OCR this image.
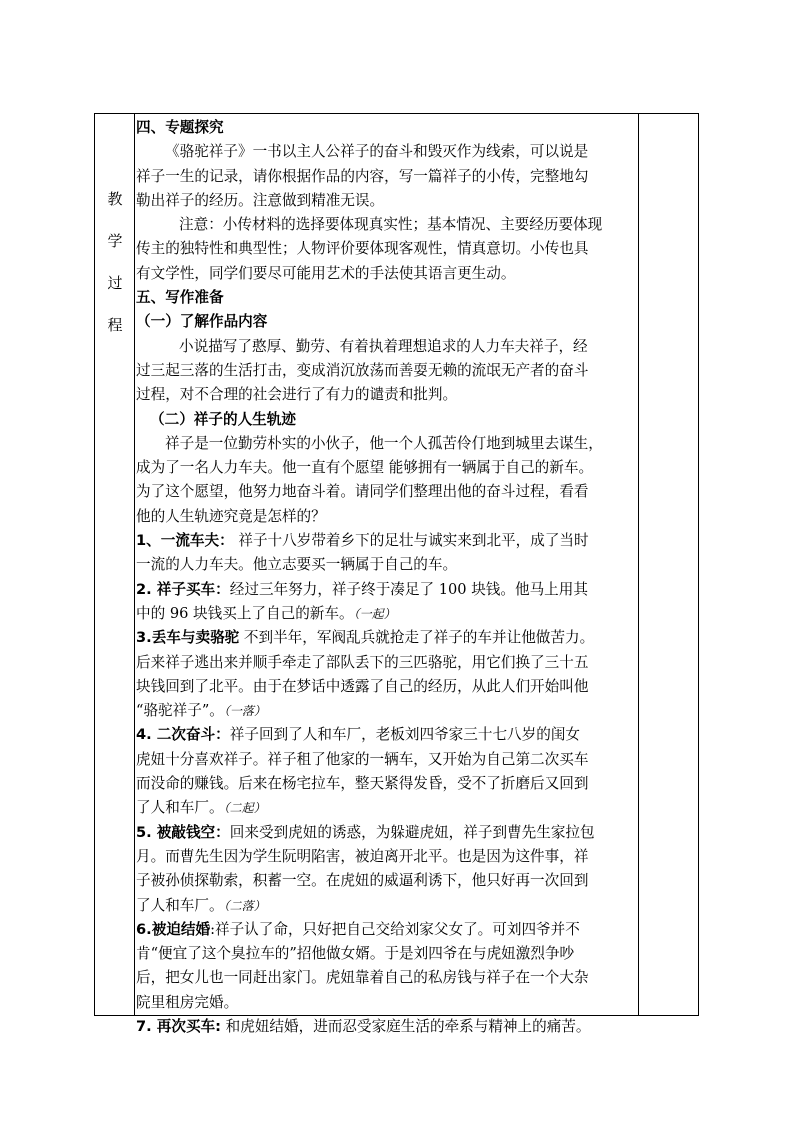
教
学
过
程

四、专题探究

《骆驼祥子》一书以主人公祥子的奋斗和毁灭作为线索，可以说是

祥子一生的记录，请你根据作品的内容，写一篇祥子的小传，完整地勾

勒出祥子的经历。注意做到精准无误。

注意：小传材料的选择要体现真实性；基本情况、主要经历要体现

传主的独特性和典型性；人物评价要体现客观性，情真意切。小传也具

有文学性，同学们要尽可能用艺术的手法使其语言更生动。

五、写作准备

（一）了解作品内容

小说描写了憨厚、勤劳、有着执着理想追求的人力车夫祥子，经

过三起三落的生活打击，变成消沉放荡而善耍无赖的流氓无产者的奋斗

过程，对不合理的社会进行了有力的谴责和批判。

（二）祥子的人生轨迹

祥子是一位勤劳朴实的小伙子，他一个人孤苦伶仃地到城里去谋生，

成为了一名人力车夫。他一直有个愿望 能够拥有一辆属于自己的新车。

为了这个愿望，他努力地奋斗着。请同学们整理出他的奋斗过程，看看

他的人生轨迹究竟是怎样的？

1、一流车夫： 祥子十八岁带着乡下的足壮与诚实来到北平，成了当时

一流的人力车夫。他立志要买一辆属于自己的车。

2. 祥子买车：经过三年努力，祥子终于凑足了 100 块钱。他马上用其

中的 96 块钱买上了自己的新车。（一起）

3.丢车与卖骆驼 不到半年，军阀乱兵就抢走了祥子的车并让他做苦力。

后来祥子逃出来并顺手牵走了部队丢下的三匹骆驼，用它们换了三十五

块钱回到了北平。由于在梦话中透露了自己的经历，从此人们开始叫他

“骆驼祥子”。（一落）

4. 二次奋斗：祥子回到了人和车厂，老板刘四爷家三十七八岁的闺女

虎妞十分喜欢祥子。祥子租了他家的一辆车，又开始为自己第二次买车

而没命的赚钱。后来在杨宅拉车，整天紧得发昏，受不了折磨后又回到

了人和车厂。（二起）

5. 被敲钱空：回来受到虎妞的诱惑，为躲避虎妞，祥子到曹先生家拉包

月。而曹先生因为学生阮明陷害，被迫离开北平。也是因为这件事，祥

子被孙侦探勒索，积蓄一空。在虎妞的威逼利诱下，他只好再一次回到

了人和车厂。（二落）

6.被迫结婚:祥子认了命，只好把自己交给刘家父女了。可刘四爷并不

肯“便宜了这个臭拉车的”招他做女婿。于是刘四爷在与虎妞激烈争吵

后，把女儿也一同赶出家门。虎妞靠着自己的私房钱与祥子在一个大杂

院里租房完婚。

7. 再次买车: 和虎妞结婚，进而忍受家庭生活的牵系与精神上的痛苦。
